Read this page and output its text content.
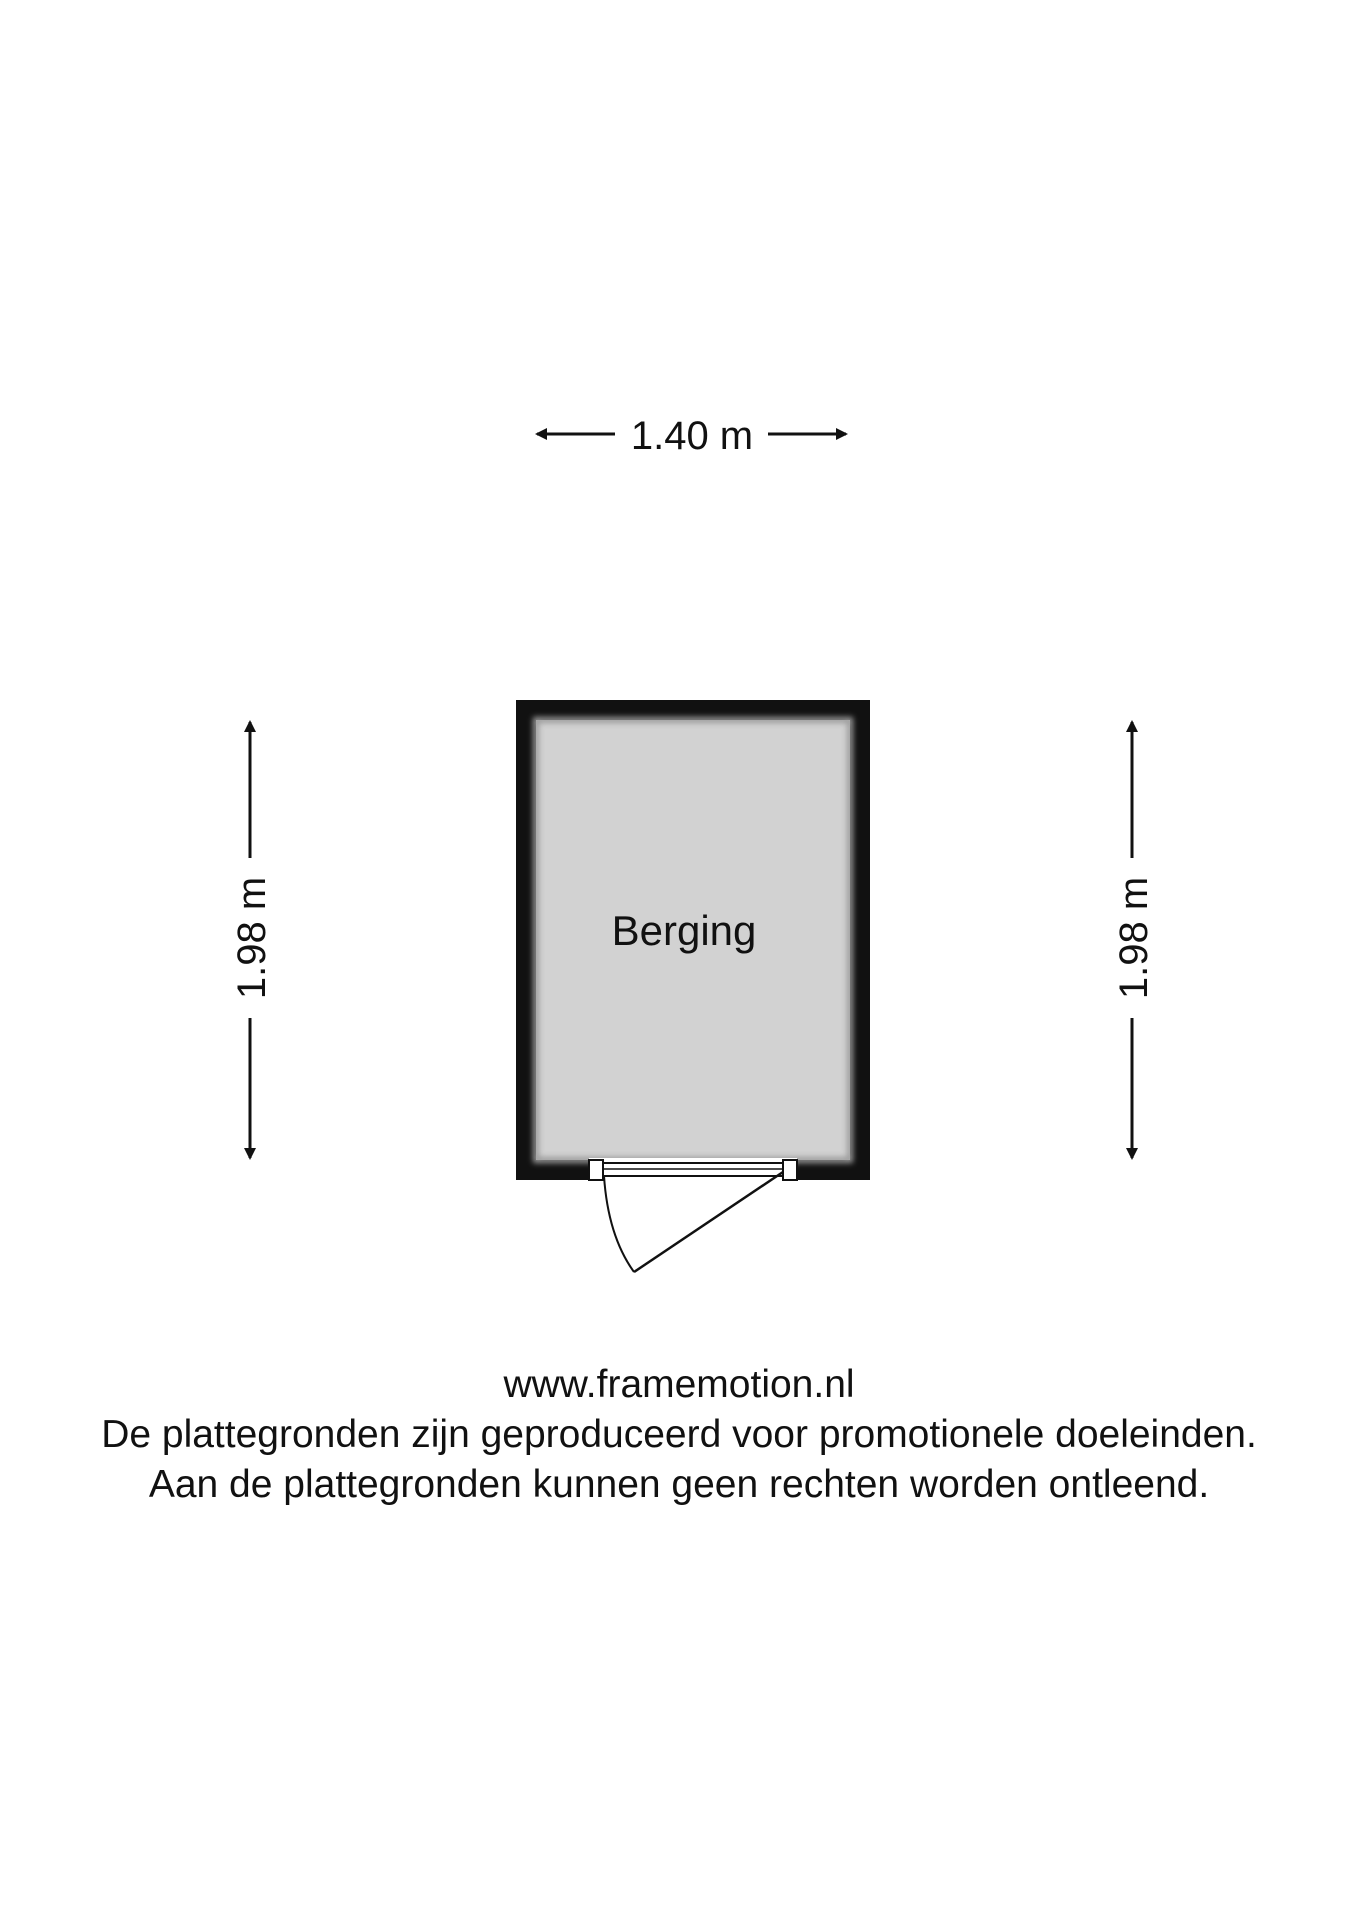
1.40 m
1.98 m	1.98 m
Berging
www.framemotion.nl
De plattegronden zijn geproduceerd voor promotionele doeleinden.
Aan de plattegronden kunnen geen rechten worden ontleend.
